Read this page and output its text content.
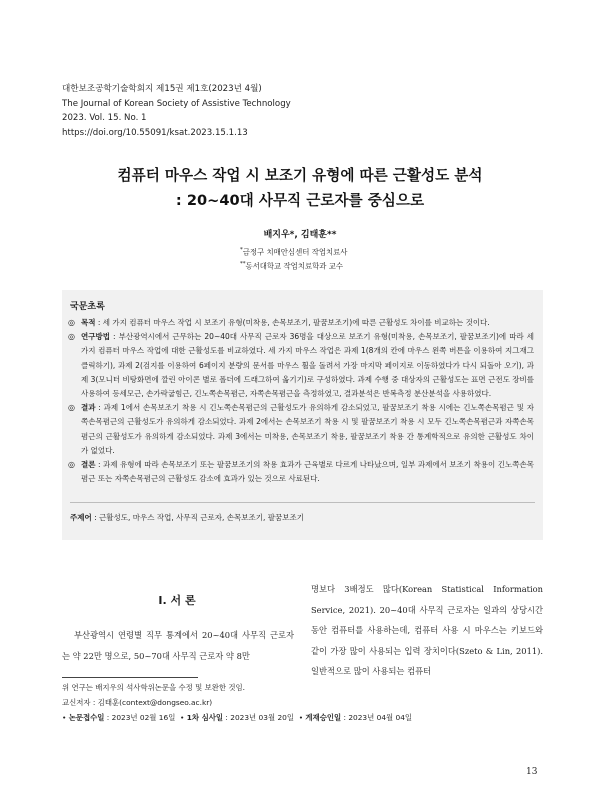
대한보조공학기술학회지 제15권 제1호(2023년 4월)
The Journal of Korean Society of Assistive Technology
2023. Vol. 15. No. 1
https://doi.org/10.55091/ksat.2023.15.1.13
컴퓨터 마우스 작업 시 보조기 유형에 따른 근활성도 분석
: 20~40대 사무직 근로자를 중심으로
배지우*, 김태훈**
*금정구 치매안심센터 작업치료사
**동서대학교 작업치료학과 교수
국문초록
◎ 목적 : 세 가지 컴퓨터 마우스 작업 시 보조기 유형(미착용, 손목보조기, 팔꿈보조기)에 따른 근활성도 차이를 비교하는 것이다.
◎ 연구방법 : 부산광역시에서 근무하는 20~40대 사무직 근로자 36명을 대상으로 보조기 유형(미착용, 손목보조기, 팔꿈보조기)에 따라 세 가지 컴퓨터 마우스 작업에 대한 근활성도를 비교하였다. 세 가지 마우스 작업은 과제 1(8개의 칸에 마우스 왼쪽 버튼을 이용하여 지그재그 클릭하기), 과제 2(검지를 이용하여 6페이지 분량의 문서를 마우스 휠을 돌려서 가장 마지막 페이지로 이동하였다가 다시 되돌아 오기), 과제 3(모니터 비탕화면에 깔린 아이콘 별로 폴더에 드래그하여 옮기기)로 구성하였다. 과제 수행 중 대상자의 근활성도는 표면 근전도 장비를 사용하여 등세모근, 손가락굽힘근, 긴노쪽손목폄근, 자쪽손목폄근을 측정하였고, 결과분석은 반복측정 분산분석을 사용하였다.
◎ 결과 : 과제 1에서 손목보조기 착용 시 긴노쪽손목폄근의 근활성도가 유의하게 감소되었고, 팔꿈보조기 착용 시에는 긴노쪽손목폄근 및 자쪽손목폄근의 근활성도가 유의하게 감소되었다. 과제 2에서는 손목보조기 착용 시 및 팔꿈보조기 착용 시 모두 긴노쪽손목폄근과 자쪽손목폄근의 근활성도가 유의하게 감소되었다. 과제 3에서는 미착용, 손목보조기 착용, 팔꿈보조기 착용 간 통계학적으로 유의한 근활성도 차이가 없었다.
◎ 결론 : 과제 유형에 따라 손목보조기 또는 팔꿈보조기의 착용 효과가 근육별로 다르게 나타났으며, 일부 과제에서 보조기 착용이 긴노쪽손목폄근 또는 자쪽손목폄근의 근활성도 감소에 효과가 있는 것으로 사료된다.
주제어 : 근활성도, 마우스 작업, 사무직 근로자, 손목보조기, 팔꿈보조기
I. 서 론
부산광역시 연령별 직무 통계에서 20~40대 사무직 근로자는 약 22만 명으로, 50~70대 사무직 근로자 약 8만
명보다 3배정도 많다(Korean Statistical Information Service, 2021). 20~40대 사무직 근로자는 일과의 상당시간동안 컴퓨터를 사용하는데, 컴퓨터 사용 시 마우스는 키보드와 같이 가장 많이 사용되는 입력 장치이다(Szeto & Lin, 2011). 일반적으로 많이 사용되는 컴퓨터
위 연구는 배지우의 석사학위논문을 수정 및 보완한 것임.
교신저자 : 김태훈(context@dongseo.ac.kr)
• 논문접수일 : 2023년 02월 16일  • 1차 심사일 : 2023년 03월 20일  • 게재승인일 : 2023년 04월 04일
13
